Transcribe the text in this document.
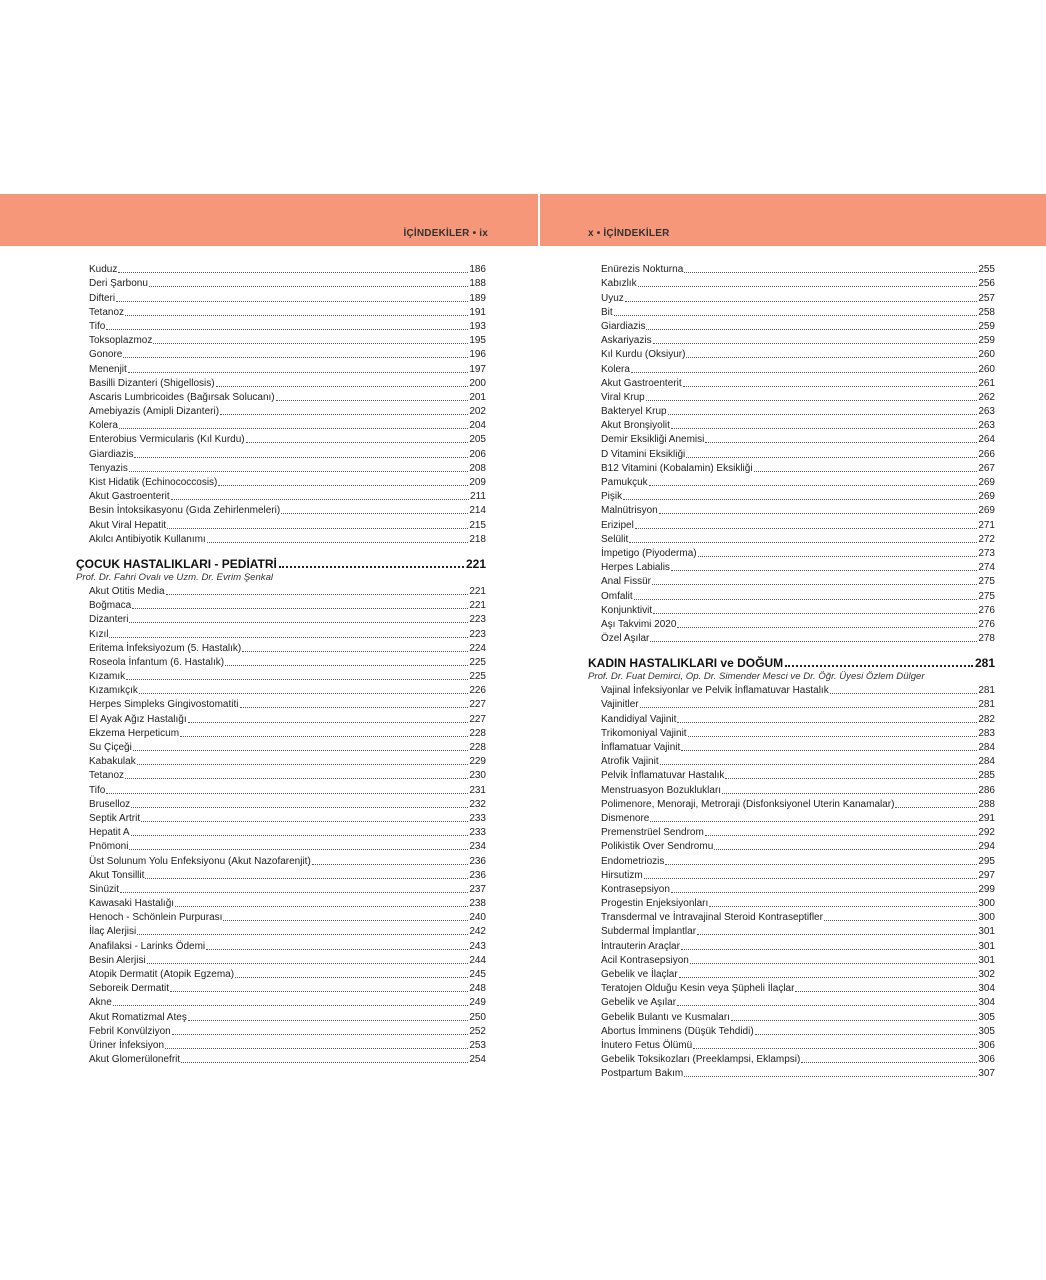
İÇİNDEKİLER • ix	x • İÇİNDEKİLER
Kuduz	186
Deri Şarbonu	188
Difteri	189
Tetanoz	191
Tifo	193
Toksoplazmoz	195
Gonore	196
Menenjit	197
Basilli Dizanteri (Shigellosis)	200
Ascaris Lumbricoides (Bağırsak Solucanı)	201
Amebiyazis (Amipli Dizanteri)	202
Kolera	204
Enterobius Vermicularis (Kıl Kurdu)	205
Giardiazis	206
Tenyazis	208
Kist Hidatik (Echinococcosis)	209
Akut Gastroenterit	211
Besin İntoksikasyonu (Gıda Zehirlenmeleri)	214
Akut Viral Hepatit	215
Akılcı Antibiyotik Kullanımı	218
ÇOCUK HASTALIKLARI - PEDİATRİ	221
Prof. Dr. Fahri Ovalı ve Uzm. Dr. Evrim Şenkal
Akut Otitis Media	221
Boğmaca	221
Dizanteri	223
Kızıl	223
Eritema İnfeksiyozum (5. Hastalık)	224
Roseola İnfantum (6. Hastalık)	225
Kızamık	225
Kızamıkçık	226
Herpes Simpleks Gingivostomatiti	227
El Ayak Ağız Hastalığı	227
Ekzema Herpeticum	228
Su Çiçeği	228
Kabakulak	229
Tetanoz	230
Tifo	231
Bruselloz	232
Septik Artrit	233
Hepatit A	233
Pnömoni	234
Üst Solunum Yolu Enfeksiyonu (Akut Nazofarenjit)	236
Akut Tonsillit	236
Sinüzit	237
Kawasaki Hastalığı	238
Henoch - Schönlein Purpurası	240
İlaç Alerjisi	242
Anafilaksi - Larinks Ödemi	243
Besin Alerjisi	244
Atopik Dermatit (Atopik Egzema)	245
Seboreik Dermatit	248
Akne	249
Akut Romatizmal Ateş	250
Febril Konvülziyon	252
Üriner İnfeksiyon	253
Akut Glomerülonefrit	254
Enürezis Nokturna	255
Kabızlık	256
Uyuz	257
Bit	258
Giardiazis	259
Askariyazis	259
Kıl Kurdu (Oksiyur)	260
Kolera	260
Akut Gastroenterit	261
Viral Krup	262
Bakteryel Krup	263
Akut Bronşiyolit	263
Demir Eksikliği Anemisi	264
D Vitamini Eksikliği	266
B12 Vitamini (Kobalamin) Eksikliği	267
Pamukçuk	269
Pişik	269
Malnütrisyon	269
Erizipel	271
Selülit	272
İmpetigo (Piyoderma)	273
Herpes Labialis	274
Anal Fissür	275
Omfalit	275
Konjunktivit	276
Aşı Takvimi 2020	276
Özel Aşılar	278
KADIN HASTALIKLARI ve DOĞUM	281
Prof. Dr. Fuat Demirci, Op. Dr. Simender Mesci ve Dr. Öğr. Üyesi Özlem Dülger
Vajinal İnfeksiyonlar ve Pelvik İnflamatuvar Hastalık	281
Vajinitler	281
Kandidiyal Vajinit	282
Trikomoniyal Vajinit	283
İnflamatuar Vajinit	284
Atrofik Vajinit	284
Pelvik İnflamatuvar Hastalık	285
Menstruasyon Bozuklukları	286
Polimenore, Menoraji, Metroraji (Disfonksiyonel Uterin Kanamalar)	288
Dismenore	291
Premenstrüel Sendrom	292
Polikistik Over Sendromu	294
Endometriozis	295
Hirsutizm	297
Kontrasepsiyon	299
Progestin Enjeksiyonları	300
Transdermal ve İntravajinal Steroid Kontraseptifler	300
Subdermal İmplantlar	301
İntrauterin Araçlar	301
Acil Kontrasepsiyon	301
Gebelik ve İlaçlar	302
Teratojen Olduğu Kesin veya Şüpheli İlaçlar	304
Gebelik ve Aşılar	304
Gebelik Bulantı ve Kusmaları	305
Abortus İmminens (Düşük Tehdidi)	305
İnutero Fetus Ölümü	306
Gebelik Toksikozları (Preeklampsi, Eklampsi)	306
Postpartum Bakım	307
